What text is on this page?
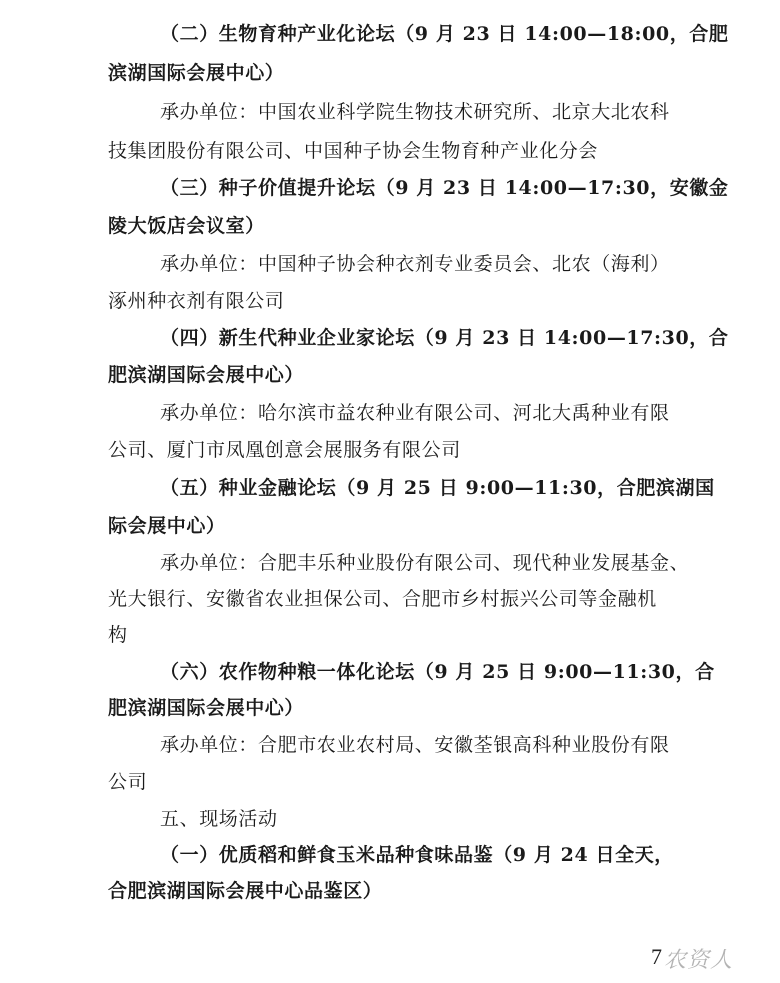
（二）生物育种产业化论坛（9 月 23 日 14:00—18:00，合肥
滨湖国际会展中心）
承办单位：中国农业科学院生物技术研究所、北京大北农科
技集团股份有限公司、中国种子协会生物育种产业化分会
（三）种子价值提升论坛（9 月 23 日 14:00—17:30，安徽金
陵大饭店会议室）
承办单位：中国种子协会种衣剂专业委员会、北农（海利）
涿州种衣剂有限公司
（四）新生代种业企业家论坛（9 月 23 日 14:00—17:30，合
肥滨湖国际会展中心）
承办单位：哈尔滨市益农种业有限公司、河北大禹种业有限
公司、厦门市凤凰创意会展服务有限公司
（五）种业金融论坛（9 月 25 日 9:00—11:30，合肥滨湖国
际会展中心）
承办单位：合肥丰乐种业股份有限公司、现代种业发展基金、
光大银行、安徽省农业担保公司、合肥市乡村振兴公司等金融机
构
（六）农作物种粮一体化论坛（9 月 25 日 9:00—11:30，合
肥滨湖国际会展中心）
承办单位：合肥市农业农村局、安徽荃银高科种业股份有限
公司
五、现场活动
（一）优质稻和鲜食玉米品种食味品鉴（9 月 24 日全天，
合肥滨湖国际会展中心品鉴区）
7 农资人
